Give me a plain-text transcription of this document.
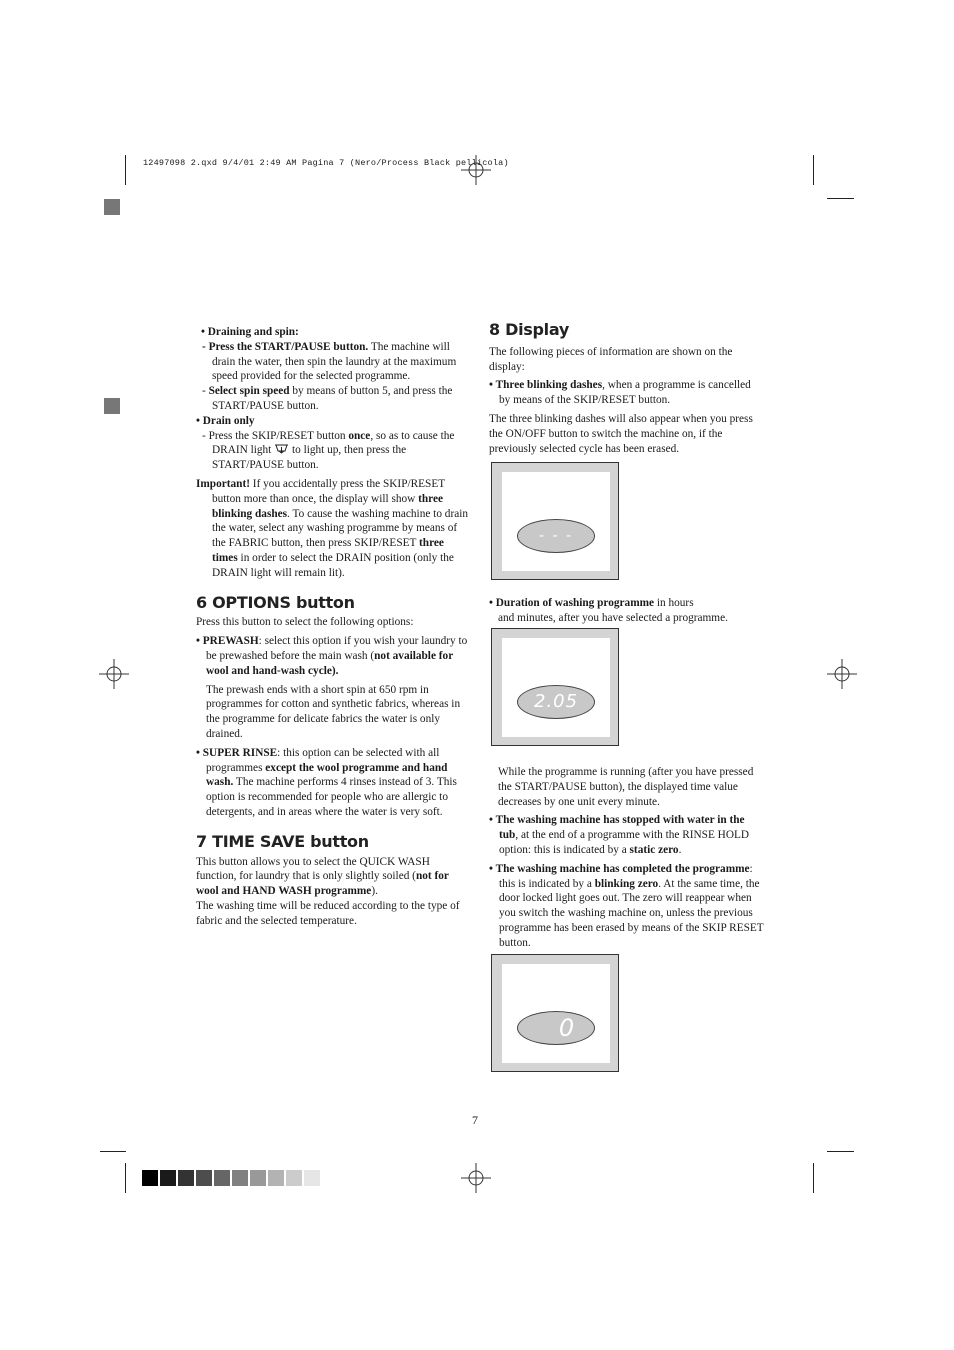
12497098 2.qxd 9/4/01 2:49 AM Pagina 7 (Nero/Process Black pellicola)

• Draining and spin:

- Press the START/PAUSE button. The machine will drain the water, then spin the laundry at the maximum speed provided for the selected programme.

- Select spin speed by means of button 5, and press the START/PAUSE button.

• Drain only

- Press the SKIP/RESET button once, so as to cause the DRAIN light  to light up, then press the START/PAUSE button.

Important! If you accidentally press the SKIP/RESET button more than once, the display will show three blinking dashes. To cause the washing machine to drain the water, select any washing programme by means of the FABRIC button, then press SKIP/RESET three times in order to select the DRAIN position (only the DRAIN light will remain lit).

6 OPTIONS button

Press this button to select the following options:

• PREWASH: select this option if you wish your laundry to be prewashed before the main wash (not available for wool and hand-wash cycle).

The prewash ends with a short spin at 650 rpm in programmes for cotton and synthetic fabrics, whereas in the programme for delicate fabrics the water is only drained.

• SUPER RINSE: this option can be selected with all programmes except the wool programme and hand wash. The machine performs 4 rinses instead of 3. This option is recommended for people who are allergic to detergents, and in areas where the water is very soft.

7 TIME SAVE button

This button allows you to select the QUICK WASH function, for laundry that is only slightly soiled (not for wool and HAND WASH programme).

The washing time will be reduced according to the type of fabric and the selected temperature.

8 Display

The following pieces of information are shown on the display:

• Three blinking dashes, when a programme is cancelled by means of the SKIP/RESET button.

The three blinking dashes will also appear when you press the ON/OFF button to switch the machine on, if the previously selected cycle has been erased.

- - -

• Duration of washing programme in hours

and minutes, after you have selected a programme.

2.05

While the programme is running (after you have pressed the START/PAUSE button), the displayed time value decreases by one unit every minute.

• The washing machine has stopped with water in the tub, at the end of a programme with the RINSE HOLD option: this is indicated by a static zero.

• The washing machine has completed the programme: this is indicated by a blinking zero. At the same time, the door locked light goes out. The zero will reappear when you switch the washing machine on, unless the previous programme has been erased by means of the SKIP RESET button.

0
7
